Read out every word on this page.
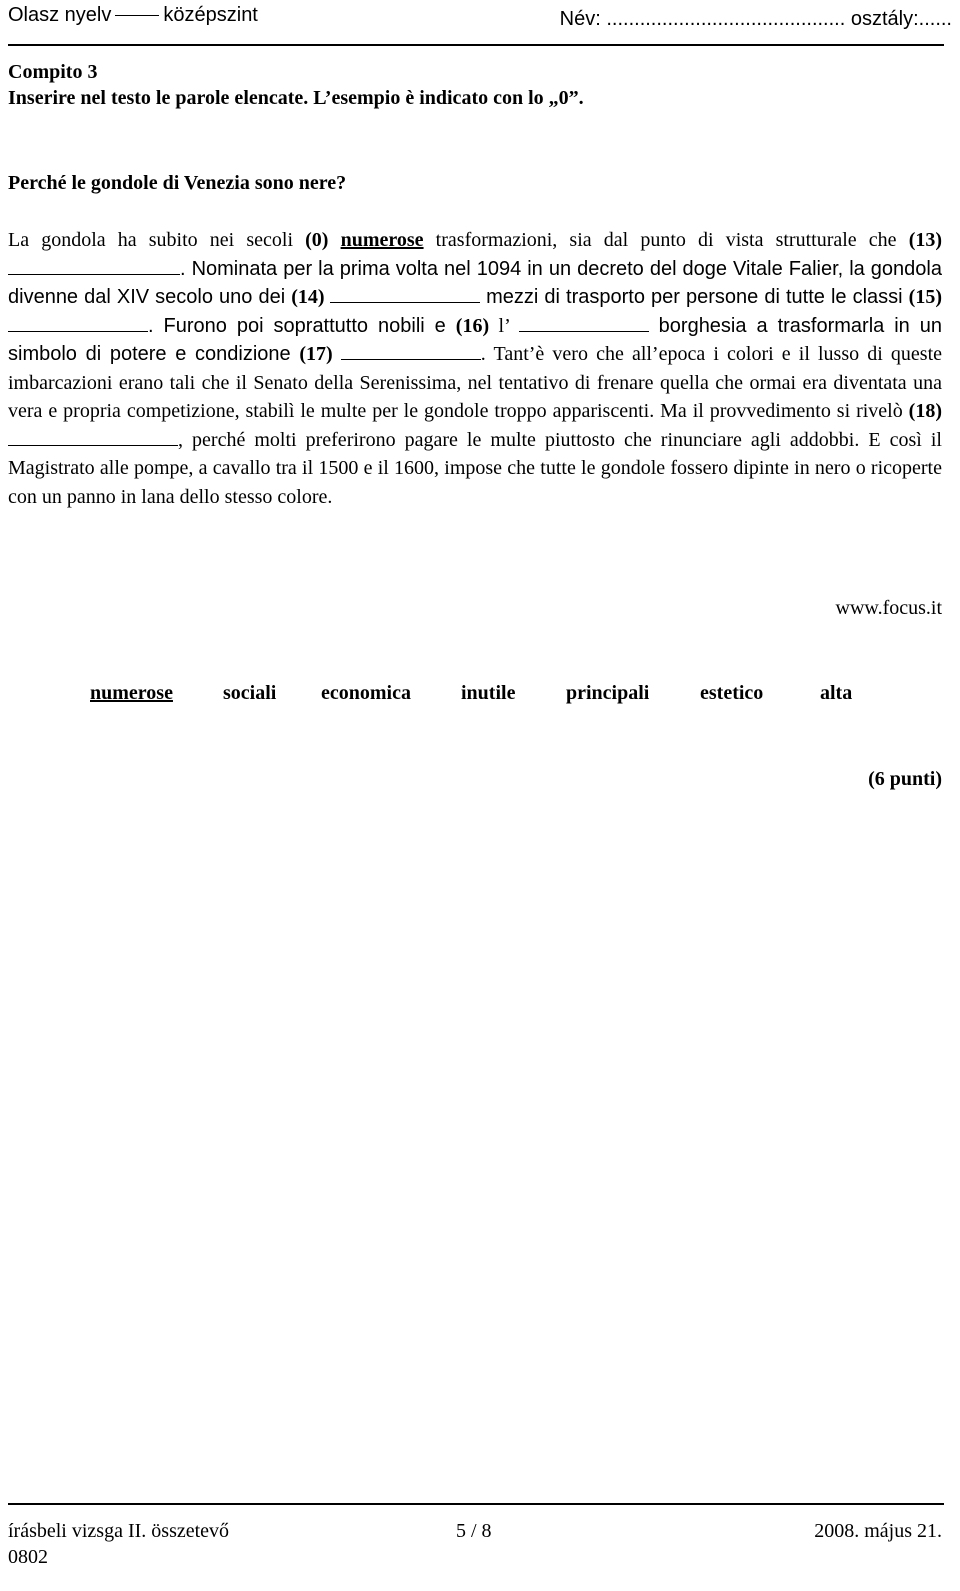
Olasz nyelv	középszint	Név: ........................................... osztály:......
Compito 3
Inserire nel testo le parole elencate. L’esempio è indicato con lo „0”.
Perché le gondole di Venezia sono nere?
La gondola ha subito nei secoli (0) numerose trasformazioni, sia dal punto di vista strutturale che (13). Nominata per la prima volta nel 1094 in un decreto del doge Vitale Falier, la gondola divenne dal XIV secolo uno dei (14)	mezzi di trasporto per persone di tutte le classi (15) . Furono poi soprattutto nobili e (16) l’	borghesia a trasformarla in un simbolo di potere e condizione (17)	. Tant’è vero che all’epoca i colori e il lusso di queste imbarcazioni erano tali che il Senato della Serenissima, nel tentativo di frenare quella che ormai era diventata una vera e propria competizione, stabilì le multe per le gondole troppo appariscenti. Ma il provvedimento si rivelò (18) , perché molti preferirono pagare le multe piuttosto che rinunciare agli addobbi. E così il Magistrato alle pompe, a cavallo tra il 1500 e il 1600, impose che tutte le gondole fossero dipinte in nero o ricoperte con un panno in lana dello stesso colore.
www.focus.it
numerose	sociali economica	inutile	principali	estetico	alta
(6 punti)
írásbeli vizsga II. összetevő
0802
5 / 8	2008. május 21.
